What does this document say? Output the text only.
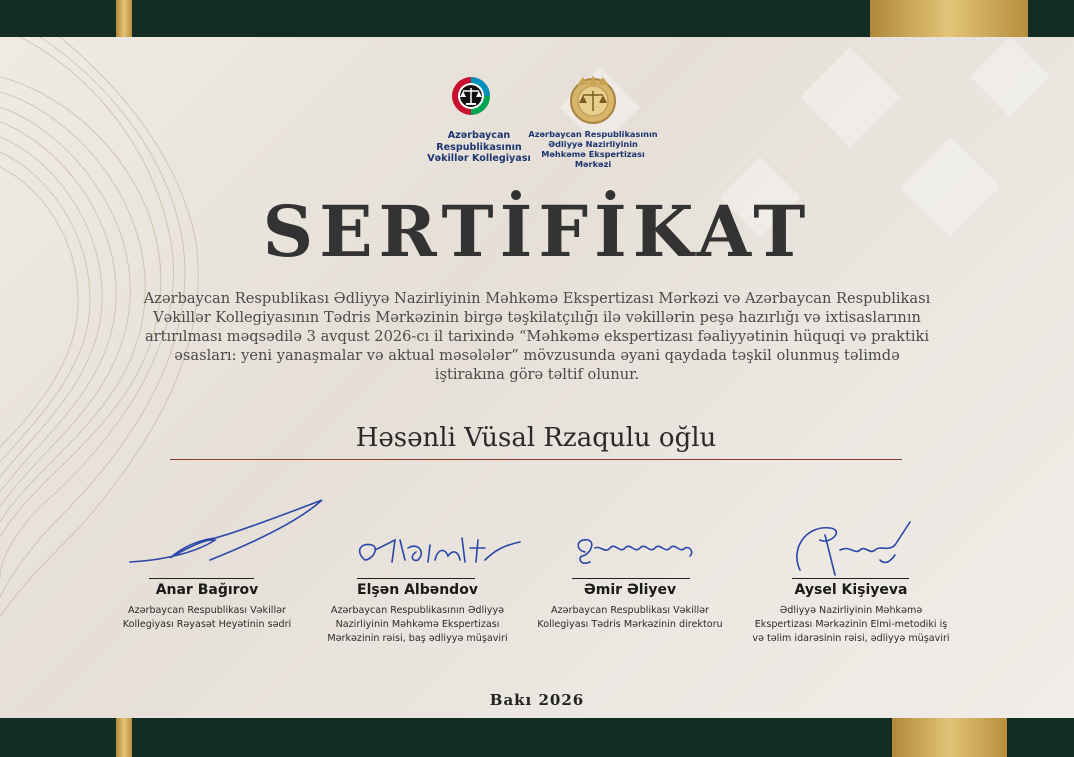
Azərbaycan
Respublikasının
Vəkillər Kollegiyası
Azərbaycan Respublikasının
Ədliyyə Nazirliyinin
Məhkəmə Ekspertizası
Mərkəzi
SERTİFİKAT
Azərbaycan Respublikası Ədliyyə Nazirliyinin Məhkəmə Ekspertizası Mərkəzi və Azərbaycan Respublikası
Vəkillər Kollegiyasının Tədris Mərkəzinin birgə təşkilatçılığı ilə vəkillərin peşə hazırlığı və ixtisaslarının
artırılması məqsədilə 3 avqust 2026-cı il tarixində “Məhkəmə ekspertizası fəaliyyətinin hüquqi və praktiki
əsasları: yeni yanaşmalar və aktual məsələlər” mövzusunda əyani qaydada təşkil olunmuş təlimdə
iştirakına görə təltif olunur.
Həsənli Vüsal Rzaqulu oğlu
Anar Bağırov
Azərbaycan Respublikası Vəkillər
Kollegiyası Rəyasət Heyətinin sədri
Elşən Albəndov
Azərbaycan Respublikasının Ədliyyə
Nazirliyinin Məhkəmə Ekspertizası
Mərkəzinin rəisi, baş ədliyyə müşaviri
Əmir Əliyev
Azərbaycan Respublikası Vəkillər
Kollegiyası Tədris Mərkəzinin direktoru
Aysel Kişiyeva
Ədliyyə Nazirliyinin Məhkəmə
Ekspertizası Mərkəzinin Elmi-metodiki iş
və təlim idarəsinin rəisi, ədliyyə müşaviri
Bakı 2026
